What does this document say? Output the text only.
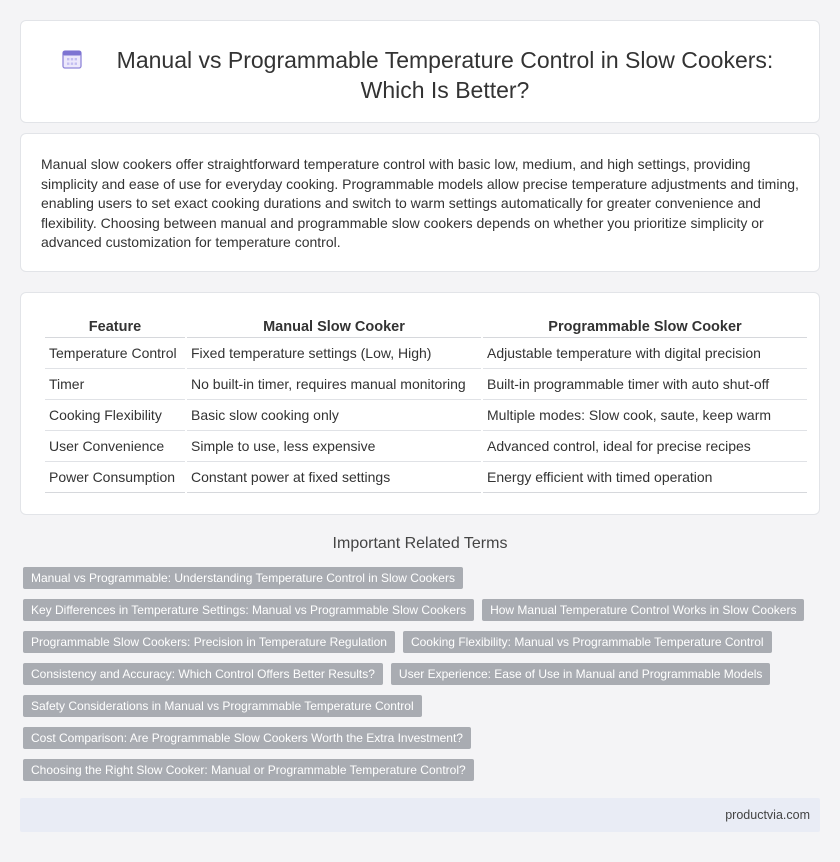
Manual vs Programmable Temperature Control in Slow Cookers: Which Is Better?

Manual slow cookers offer straightforward temperature control with basic low, medium, and high settings, providing simplicity and ease of use for everyday cooking. Programmable models allow precise temperature adjustments and timing, enabling users to set exact cooking durations and switch to warm settings automatically for greater convenience and flexibility. Choosing between manual and programmable slow cookers depends on whether you prioritize simplicity or advanced customization for temperature control.

Feature	Manual Slow Cooker	Programmable Slow Cooker
Temperature Control	Fixed temperature settings (Low, High)	Adjustable temperature with digital precision
Timer	No built-in timer, requires manual monitoring	Built-in programmable timer with auto shut-off
Cooking Flexibility	Basic slow cooking only	Multiple modes: Slow cook, saute, keep warm
User Convenience	Simple to use, less expensive	Advanced control, ideal for precise recipes
Power Consumption	Constant power at fixed settings	Energy efficient with timed operation
Important Related Terms
Manual vs Programmable: Understanding Temperature Control in Slow Cookers
Key Differences in Temperature Settings: Manual vs Programmable Slow Cookers	How Manual Temperature Control Works in Slow Cookers
Programmable Slow Cookers: Precision in Temperature Regulation	Cooking Flexibility: Manual vs Programmable Temperature Control
Consistency and Accuracy: Which Control Offers Better Results?	User Experience: Ease of Use in Manual and Programmable Models
Safety Considerations in Manual vs Programmable Temperature Control
Cost Comparison: Are Programmable Slow Cookers Worth the Extra Investment?
Choosing the Right Slow Cooker: Manual or Programmable Temperature Control?
productvia.com
